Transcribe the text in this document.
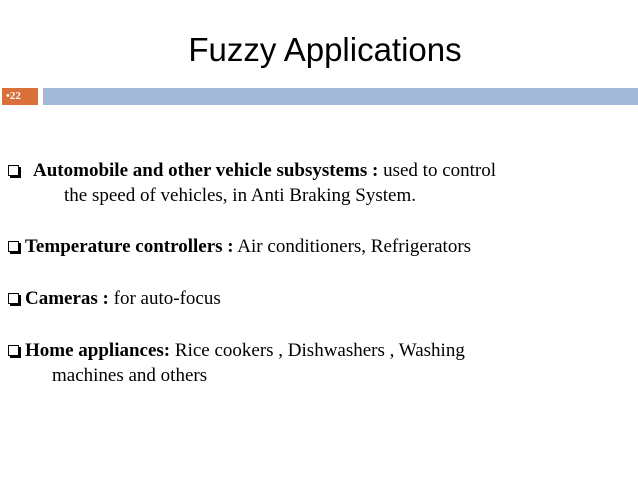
Fuzzy Applications
•22
Automobile and other vehicle subsystems : used to control
the speed of vehicles, in Anti Braking System.
Temperature controllers : Air conditioners, Refrigerators
Cameras : for auto-focus
Home appliances: Rice cookers , Dishwashers , Washing
machines and others
